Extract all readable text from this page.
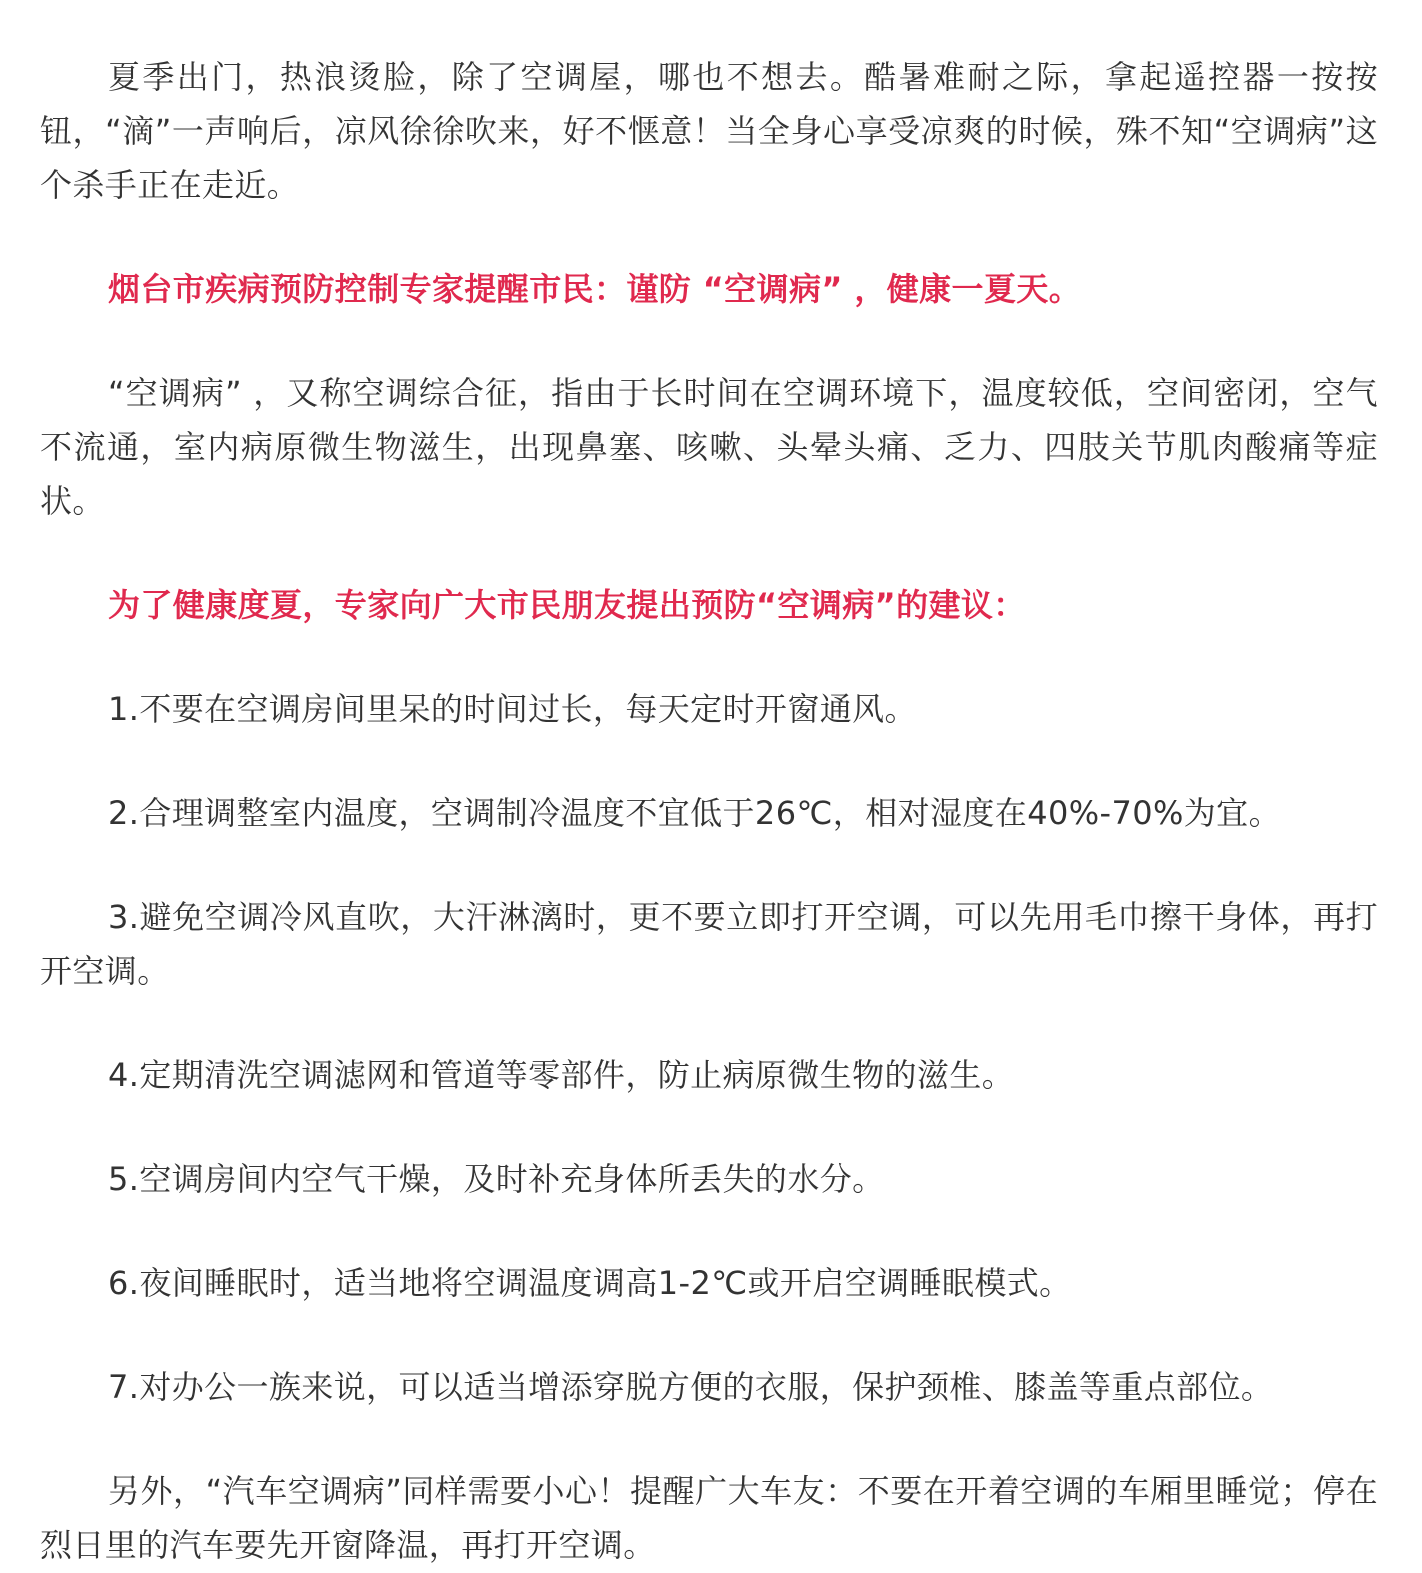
夏季出门，热浪烫脸，除了空调屋，哪也不想去。酷暑难耐之际，拿起遥控器一按按钮，“滴”一声响后，凉风徐徐吹来，好不惬意！当全身心享受凉爽的时候，殊不知“空调病”这个杀手正在走近。

烟台市疾病预防控制专家提醒市民：谨防 “空调病” ，健康一夏天。

“空调病” ，又称空调综合征，指由于长时间在空调环境下，温度较低，空间密闭，空气不流通，室内病原微生物滋生，出现鼻塞、咳嗽、头晕头痛、乏力、四肢关节肌肉酸痛等症状。

为了健康度夏，专家向广大市民朋友提出预防“空调病”的建议：

1.不要在空调房间里呆的时间过长，每天定时开窗通风。

2.合理调整室内温度，空调制冷温度不宜低于26℃，相对湿度在40%-70%为宜。

3.避免空调冷风直吹，大汗淋漓时，更不要立即打开空调，可以先用毛巾擦干身体，再打开空调。

4.定期清洗空调滤网和管道等零部件，防止病原微生物的滋生。

5.空调房间内空气干燥，及时补充身体所丢失的水分。

6.夜间睡眠时，适当地将空调温度调高1-2℃或开启空调睡眠模式。

7.对办公一族来说，可以适当增添穿脱方便的衣服，保护颈椎、膝盖等重点部位。

另外，“汽车空调病”同样需要小心！提醒广大车友：不要在开着空调的车厢里睡觉；停在烈日里的汽车要先开窗降温，再打开空调。
